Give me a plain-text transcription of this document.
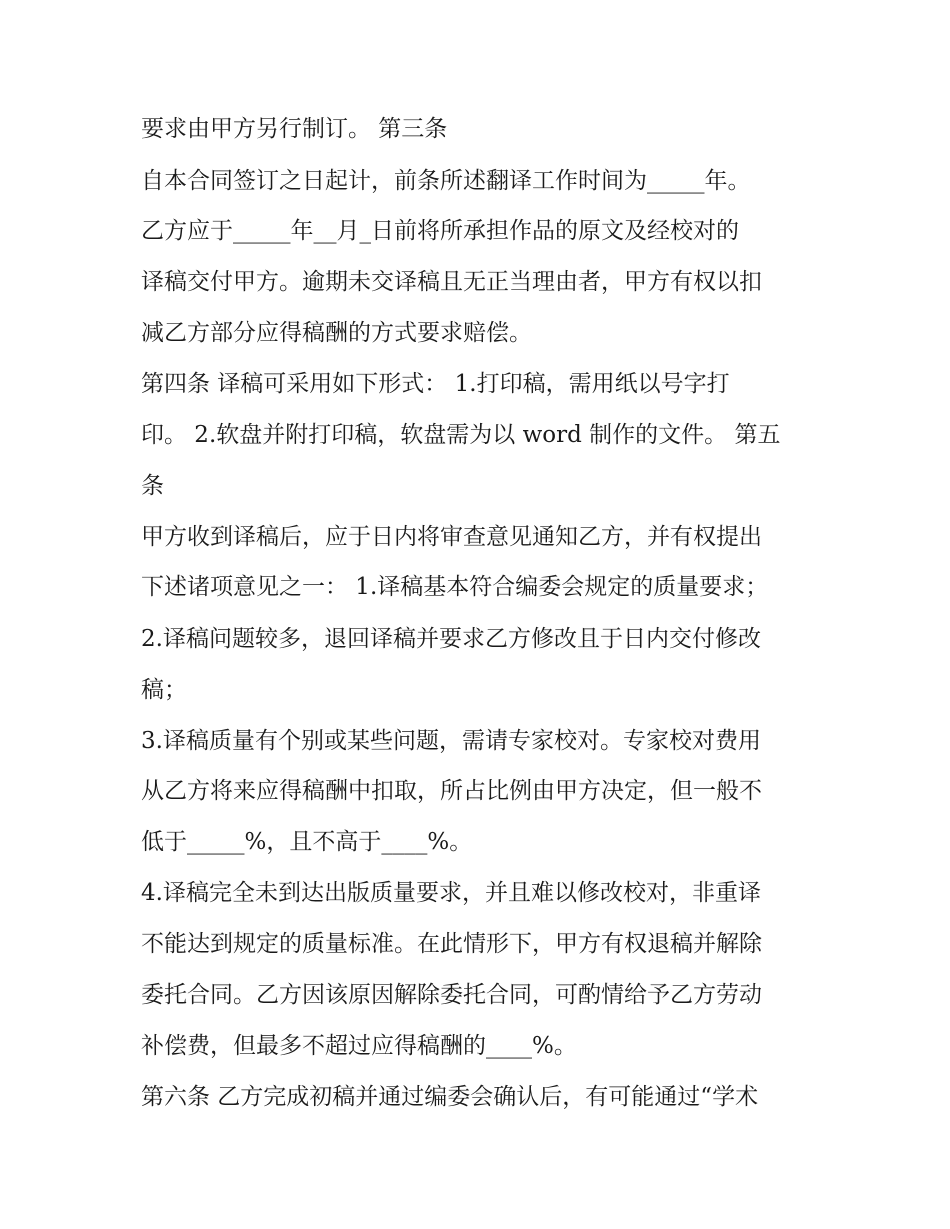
要求由甲方另行制订。 第三条
自本合同签订之日起计，前条所述翻译工作时间为_____年。
乙方应于_____年__月_日前将所承担作品的原文及经校对的
译稿交付甲方。逾期未交译稿且无正当理由者，甲方有权以扣
减乙方部分应得稿酬的方式要求赔偿。
第四条 译稿可采用如下形式： 1.打印稿，需用纸以号字打
印。 2.软盘并附打印稿，软盘需为以 word 制作的文件。 第五
条
甲方收到译稿后，应于日内将审查意见通知乙方，并有权提出
下述诸项意见之一： 1.译稿基本符合编委会规定的质量要求；
2.译稿问题较多，退回译稿并要求乙方修改且于日内交付修改
稿；
3.译稿质量有个别或某些问题，需请专家校对。专家校对费用
从乙方将来应得稿酬中扣取，所占比例由甲方决定，但一般不
低于_____%，且不高于____%。
4.译稿完全未到达出版质量要求，并且难以修改校对，非重译
不能达到规定的质量标准。在此情形下，甲方有权退稿并解除
委托合同。乙方因该原因解除委托合同，可酌情给予乙方劳动
补偿费，但最多不超过应得稿酬的____%。
第六条 乙方完成初稿并通过编委会确认后，有可能通过“学术
